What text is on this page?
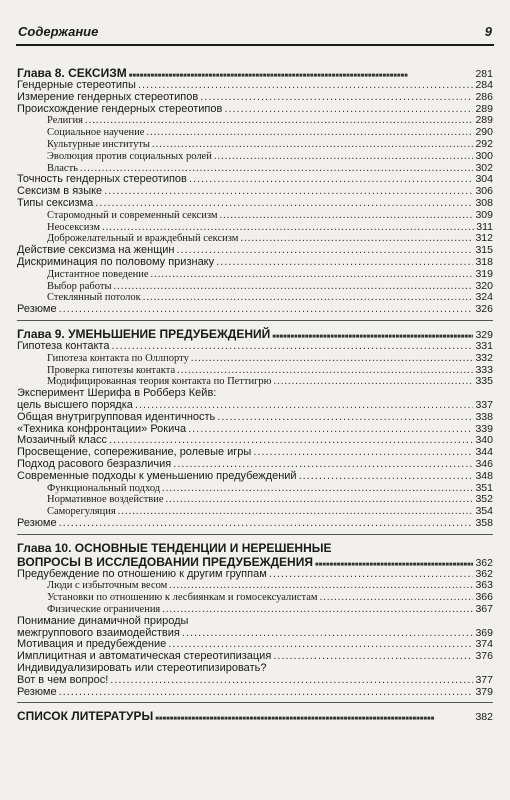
Содержание	9
Глава 8. СЕКСИЗМ ■■■■■■■■■■■■■■■■■■■■■■■■■■■■■■■■■■■■■■■■■■■■■■■■■■■■■■■■■■■■■■■■■■■■■■■■■■■■■	281
Гендерные стереотипы .....	284
Измерение гендерных стереотипов .....	286
Происхождение гендерных стереотипов .....	289
Религия .....	289
Социальное научение .....	290
Культурные институты .....	292
Эволюция против социальных ролей .....	300
Власть .....	302
Точность гендерных стереотипов .....	304
Сексизм в языке .....	306
Типы сексизма .....	308
Старомодный и современный сексизм .....	309
Неосексизм .....	311
Доброжелательный и враждебный сексизм .....	312
Действие сексизма на женщин .....	315
Дискриминация по половому признаку .....	318
Дистантное поведение .....	319
Выбор работы .....	320
Стеклянный потолок .....	324
Резюме .....	326
Глава 9. УМЕНЬШЕНИЕ ПРЕДУБЕЖДЕНИЙ ■■■■■■■■■■■■■■■■■■■■■■■■■■■■■■■■■■■■■■■■■■■■■■■■■■■■■■■■■■■■■■■■■■■■■■■■■■■■■	329
Гипотеза контакта .....	331
Гипотеза контакта по Оллпорту .....	332
Проверка гипотезы контакта .....	333
Модифицированная теория контакта по Петтигрю .....	335
Эксперимент Шерифа в Робберз Кейв:
цель высшего порядка .....	337
Общая внутригрупповая идентичность .....	338
«Техника конфронтации» Рокича .....	339
Мозаичный класс .....	340
Просвещение, сопереживание, ролевые игры .....	344
Подход расового безразличия .....	346
Современные подходы к уменьшению предубеждений .....	348
Функциональный подход .....	351
Нормативное воздействие .....	352
Саморегуляция .....	354
Резюме .....	358
Глава 10. ОСНОВНЫЕ ТЕНДЕНЦИИ И НЕРЕШЕННЫЕ
ВОПРОСЫ В ИССЛЕДОВАНИИ ПРЕДУБЕЖДЕНИЯ ■■■■■■■■■■■■■■■■■■■■■■■■■■■■■■■■■■■■■■■■■■■■■■■■■■■■■■■■■■■■■■■■■■■■■■■■■■■■■	362
Предубеждение по отношению к другим группам .....	362
Люди с избыточным весом .....	363
Установки по отношению к лесбиянкам и гомосексуалистам .....	366
Физические ограничения .....	367
Понимание динамичной природы
межгруппового взаимодействия .....	369
Мотивация и предубеждение .....	374
Имплицитная и автоматическая стереотипизация .....	376
Индивидуализировать или стереотипизировать?
Вот в чем вопрос! .....	377
Резюме .....	379
СПИСОК ЛИТЕРАТУРЫ ■■■■■■■■■■■■■■■■■■■■■■■■■■■■■■■■■■■■■■■■■■■■■■■■■■■■■■■■■■■■■■■■■■■■■■■■■■■■■	382
